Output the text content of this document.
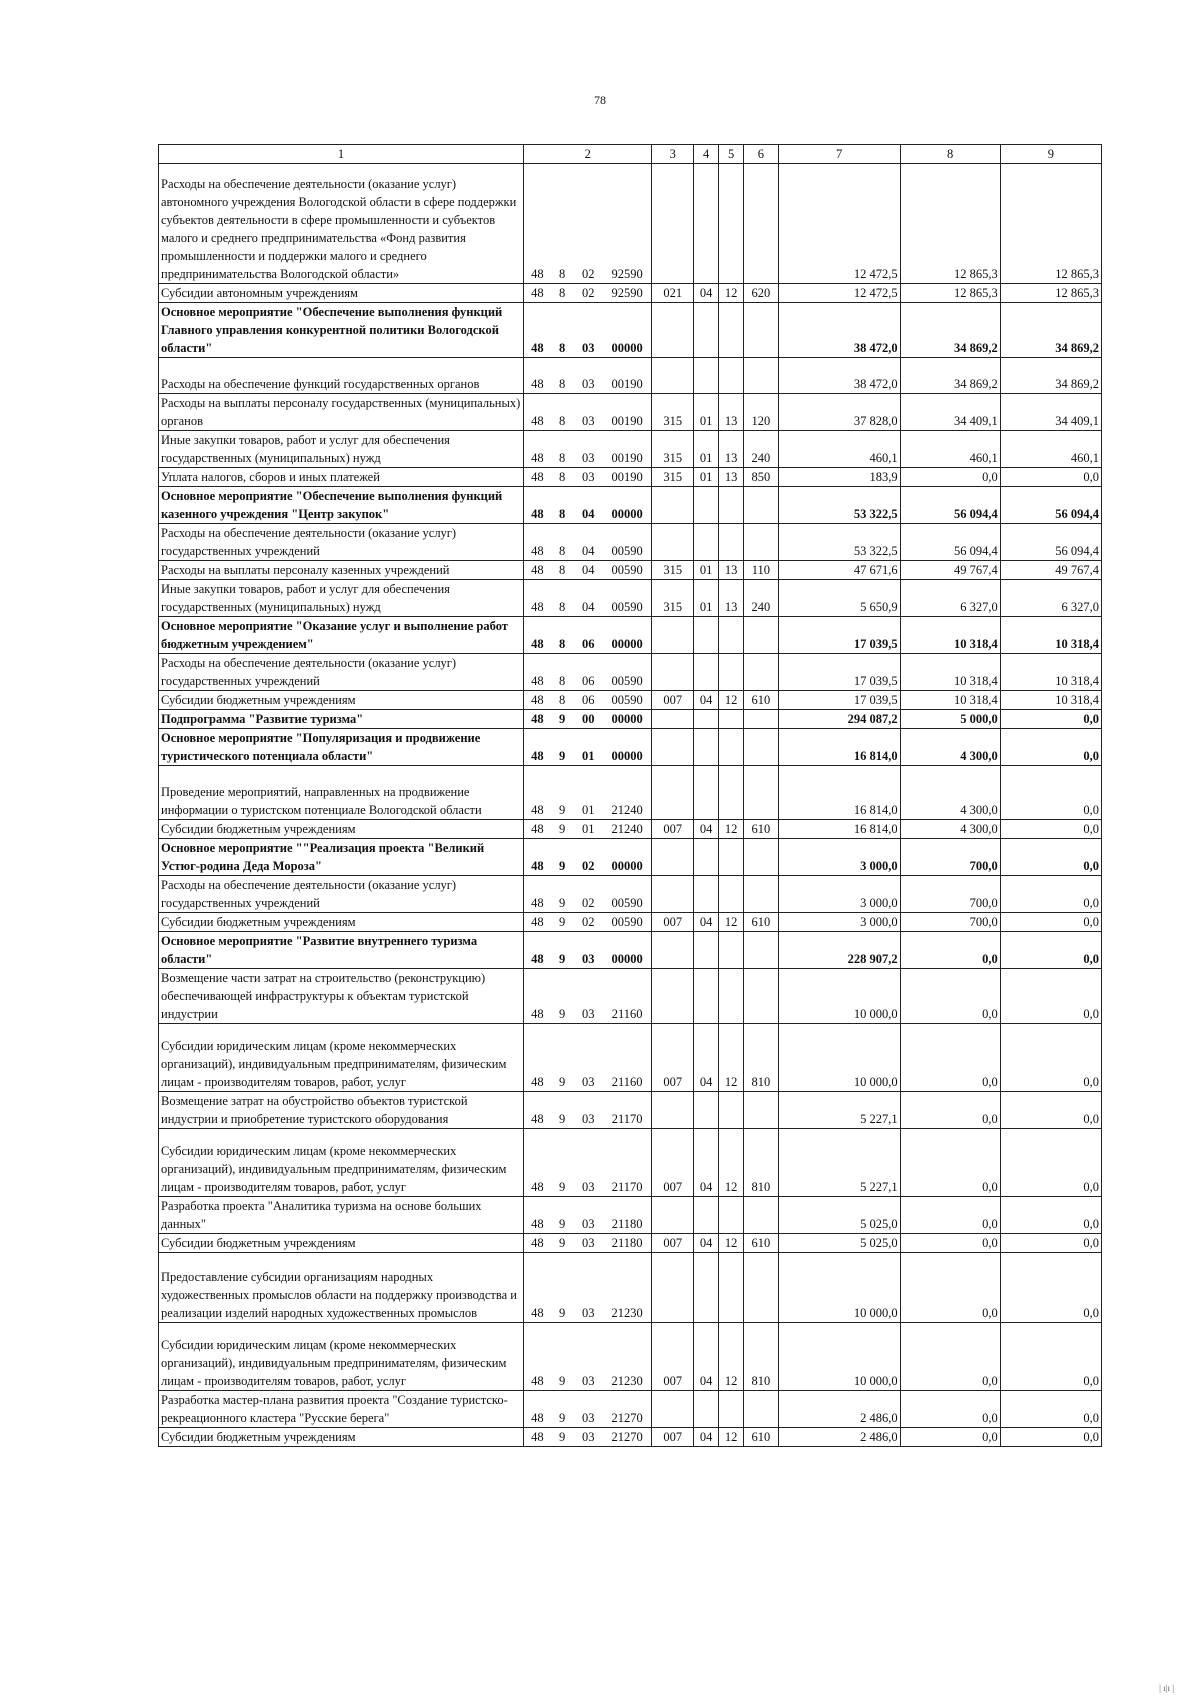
78
1	2				3	4	5	6	7	8	9
Расходы на обеспечение деятельности (оказание услуг) автономного учреждения Вологодской области в сфере поддержки субъектов деятельности в сфере промышленности и субъектов малого и среднего предпринимательства «Фонд развития промышленности и поддержки малого и среднего предпринимательства Вологодской области»	48	8	02	92590					12 472,5	12 865,3	12 865,3
Субсидии автономным учреждениям	48	8	02	92590	021	04	12	620	12 472,5	12 865,3	12 865,3
Основное мероприятие "Обеспечение выполнения функций Главного управления конкурентной политики Вологодской области"	48	8	03	00000					38 472,0	34 869,2	34 869,2
Расходы на обеспечение функций государственных органов	48	8	03	00190					38 472,0	34 869,2	34 869,2
Расходы на выплаты персоналу государственных (муниципальных) органов	48	8	03	00190	315	01	13	120	37 828,0	34 409,1	34 409,1
Иные закупки товаров, работ и услуг для обеспечения государственных (муниципальных) нужд	48	8	03	00190	315	01	13	240	460,1	460,1	460,1
Уплата налогов, сборов и иных платежей	48	8	03	00190	315	01	13	850	183,9	0,0	0,0
Основное мероприятие "Обеспечение выполнения функций казенного учреждения "Центр закупок"	48	8	04	00000					53 322,5	56 094,4	56 094,4
Расходы на обеспечение деятельности (оказание услуг) государственных учреждений	48	8	04	00590					53 322,5	56 094,4	56 094,4
Расходы на выплаты персоналу казенных учреждений	48	8	04	00590	315	01	13	110	47 671,6	49 767,4	49 767,4
Иные закупки товаров, работ и услуг для обеспечения государственных (муниципальных) нужд	48	8	04	00590	315	01	13	240	5 650,9	6 327,0	6 327,0
Основное мероприятие "Оказание услуг и выполнение работ бюджетным учреждением"	48	8	06	00000					17 039,5	10 318,4	10 318,4
Расходы на обеспечение деятельности (оказание услуг) государственных учреждений	48	8	06	00590					17 039,5	10 318,4	10 318,4
Субсидии бюджетным учреждениям	48	8	06	00590	007	04	12	610	17 039,5	10 318,4	10 318,4
Подпрограмма "Развитие туризма"	48	9	00	00000					294 087,2	5 000,0	0,0
Основное мероприятие "Популяризация и продвижение туристического потенциала области"	48	9	01	00000					16 814,0	4 300,0	0,0
Проведение мероприятий, направленных на продвижение информации о туристском потенциале Вологодской области	48	9	01	21240					16 814,0	4 300,0	0,0
Субсидии бюджетным учреждениям	48	9	01	21240	007	04	12	610	16 814,0	4 300,0	0,0
Основное мероприятие ""Реализация проекта "Великий Устюг-родина Деда Мороза"	48	9	02	00000					3 000,0	700,0	0,0
Расходы на обеспечение деятельности (оказание услуг) государственных учреждений	48	9	02	00590					3 000,0	700,0	0,0
Субсидии бюджетным учреждениям	48	9	02	00590	007	04	12	610	3 000,0	700,0	0,0
Основное мероприятие "Развитие внутреннего туризма области"	48	9	03	00000					228 907,2	0,0	0,0
Возмещение части затрат на строительство (реконструкцию) обеспечивающей инфраструктуры к объектам туристской индустрии	48	9	03	21160					10 000,0	0,0	0,0
Субсидии юридическим лицам (кроме некоммерческих организаций), индивидуальным предпринимателям, физическим лицам - производителям товаров, работ, услуг	48	9	03	21160	007	04	12	810	10 000,0	0,0	0,0
Возмещение затрат на обустройство объектов туристской индустрии и приобретение туристского оборудования	48	9	03	21170					5 227,1	0,0	0,0
Субсидии юридическим лицам (кроме некоммерческих организаций), индивидуальным предпринимателям, физическим лицам - производителям товаров, работ, услуг	48	9	03	21170	007	04	12	810	5 227,1	0,0	0,0
Разработка проекта "Аналитика туризма на основе больших данных"	48	9	03	21180					5 025,0	0,0	0,0
Субсидии бюджетным учреждениям	48	9	03	21180	007	04	12	610	5 025,0	0,0	0,0
Предоставление субсидии организациям народных художественных промыслов области на поддержку производства и реализации изделий народных художественных промыслов	48	9	03	21230					10 000,0	0,0	0,0
Субсидии юридическим лицам (кроме некоммерческих организаций), индивидуальным предпринимателям, физическим лицам - производителям товаров, работ, услуг	48	9	03	21230	007	04	12	810	10 000,0	0,0	0,0
Разработка мастер-плана развития проекта "Создание туристско-рекреационного кластера "Русские берега"	48	9	03	21270					2 486,0	0,0	0,0
Субсидии бюджетным учреждениям	48	9	03	21270	007	04	12	610	2 486,0	0,0	0,0
| ı|ı |
